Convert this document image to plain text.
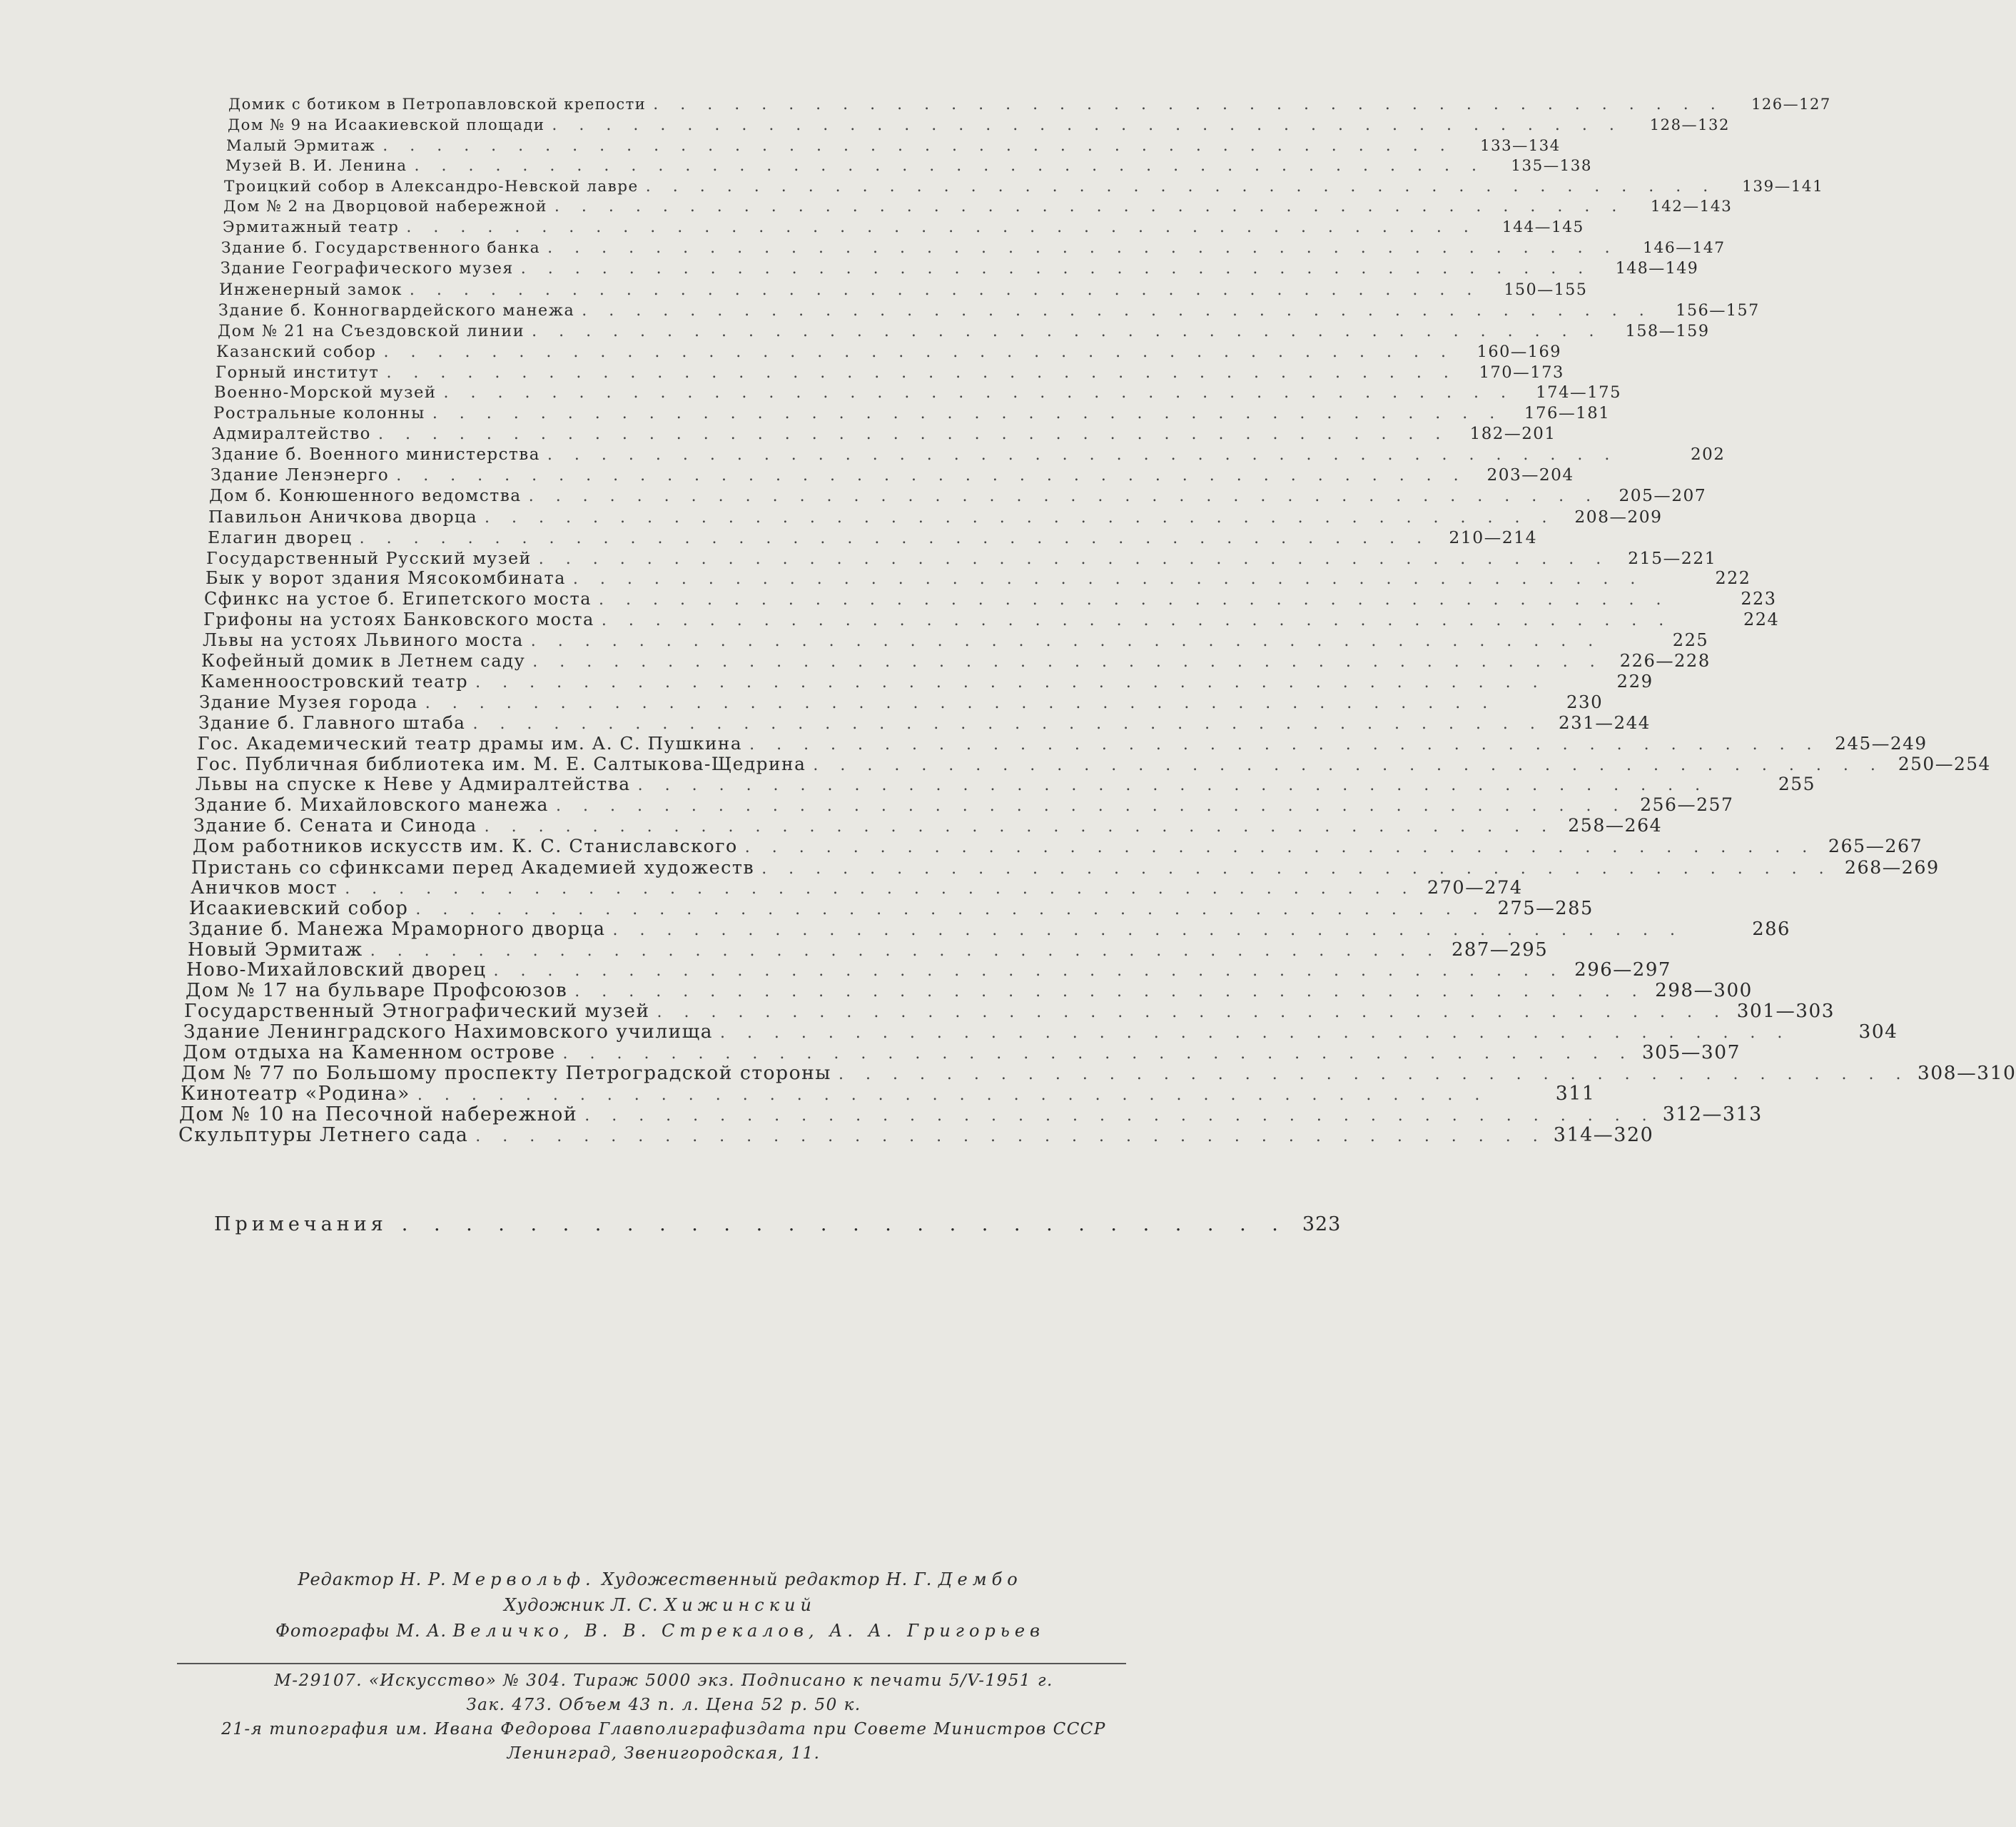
Домик с ботиком в Петропавловской крепости . . . . . . . . . . . . . . . . . . . . . . . . . . . . . . . . . . . . . . . .	126—127
Дом № 9 на Исаакиевской площади . . . . . . . . . . . . . . . . . . . . . . . . . . . . . . . . . . . . . . . .	128—132
Малый Эрмитаж . . . . . . . . . . . . . . . . . . . . . . . . . . . . . . . . . . . . . . . .	133—134
Музей В. И. Ленина . . . . . . . . . . . . . . . . . . . . . . . . . . . . . . . . . . . . . . . .	135—138
Троицкий собор в Александро-Невской лавре . . . . . . . . . . . . . . . . . . . . . . . . . . . . . . . . . . . . . . . .	139—141
Дом № 2 на Дворцовой набережной . . . . . . . . . . . . . . . . . . . . . . . . . . . . . . . . . . . . . . . .	142—143
Эрмитажный театр . . . . . . . . . . . . . . . . . . . . . . . . . . . . . . . . . . . . . . . .	144—145
Здание б. Государственного банка . . . . . . . . . . . . . . . . . . . . . . . . . . . . . . . . . . . . . . . .	146—147
Здание Географического музея . . . . . . . . . . . . . . . . . . . . . . . . . . . . . . . . . . . . . . . .	148—149
Инженерный замок . . . . . . . . . . . . . . . . . . . . . . . . . . . . . . . . . . . . . . . .	150—155
Здание б. Конногвардейского манежа . . . . . . . . . . . . . . . . . . . . . . . . . . . . . . . . . . . . . . . .	156—157
Дом № 21 на Съездовской линии . . . . . . . . . . . . . . . . . . . . . . . . . . . . . . . . . . . . . . . .	158—159
Казанский собор . . . . . . . . . . . . . . . . . . . . . . . . . . . . . . . . . . . . . . . .	160—169
Горный институт . . . . . . . . . . . . . . . . . . . . . . . . . . . . . . . . . . . . . . . .	170—173
Военно-Морской музей . . . . . . . . . . . . . . . . . . . . . . . . . . . . . . . . . . . . . . . .	174—175
Ростральные колонны . . . . . . . . . . . . . . . . . . . . . . . . . . . . . . . . . . . . . . . .	176—181
Адмиралтейство . . . . . . . . . . . . . . . . . . . . . . . . . . . . . . . . . . . . . . . .	182—201
Здание б. Военного министерства . . . . . . . . . . . . . . . . . . . . . . . . . . . . . . . . . . . . . . . .	202
Здание Ленэнерго . . . . . . . . . . . . . . . . . . . . . . . . . . . . . . . . . . . . . . . .	203—204
Дом б. Конюшенного ведомства . . . . . . . . . . . . . . . . . . . . . . . . . . . . . . . . . . . . . . . .	205—207
Павильон Аничкова дворца . . . . . . . . . . . . . . . . . . . . . . . . . . . . . . . . . . . . . . . .	208—209
Елагин дворец . . . . . . . . . . . . . . . . . . . . . . . . . . . . . . . . . . . . . . . .	210—214
Государственный Русский музей . . . . . . . . . . . . . . . . . . . . . . . . . . . . . . . . . . . . . . . .	215—221
Бык у ворот здания Мясокомбината . . . . . . . . . . . . . . . . . . . . . . . . . . . . . . . . . . . . . . . .	222
Сфинкс на устое б. Египетского моста . . . . . . . . . . . . . . . . . . . . . . . . . . . . . . . . . . . . . . . .	223
Грифоны на устоях Банковского моста . . . . . . . . . . . . . . . . . . . . . . . . . . . . . . . . . . . . . . . .	224
Львы на устоях Львиного моста . . . . . . . . . . . . . . . . . . . . . . . . . . . . . . . . . . . . . . . .	225
Кофейный домик в Летнем саду . . . . . . . . . . . . . . . . . . . . . . . . . . . . . . . . . . . . . . . . 226—228
Каменноостровский театр . . . . . . . . . . . . . . . . . . . . . . . . . . . . . . . . . . . . . . . .	229
Здание Музея города . . . . . . . . . . . . . . . . . . . . . . . . . . . . . . . . . . . . . . . .	230
Здание б. Главного штаба . . . . . . . . . . . . . . . . . . . . . . . . . . . . . . . . . . . . . . . . 231—244
Гос. Академический театр драмы им. А. С. Пушкина . . . . . . . . . . . . . . . . . . . . . . . . . . . . . . . . . . . . . . . . 245—249
Гос. Публичная библиотека им. М. Е. Салтыкова-Щедрина . . . . . . . . . . . . . . . . . . . . . . . . . . . . . . . . . . . . . . . . 250—254
Львы на спуске к Неве у Адмиралтейства . . . . . . . . . . . . . . . . . . . . . . . . . . . . . . . . . . . . . . . .	255
Здание б. Михайловского манежа . . . . . . . . . . . . . . . . . . . . . . . . . . . . . . . . . . . . . . . . 256—257
Здание б. Сената и Синода . . . . . . . . . . . . . . . . . . . . . . . . . . . . . . . . . . . . . . . . 258—264
Дом работников искусств им. К. С. Станиславского . . . . . . . . . . . . . . . . . . . . . . . . . . . . . . . . . . . . . . . . 265—267
Пристань со сфинксами перед Академией художеств . . . . . . . . . . . . . . . . . . . . . . . . . . . . . . . . . . . . . . . . 268—269
Аничков мост . . . . . . . . . . . . . . . . . . . . . . . . . . . . . . . . . . . . . . . . 270—274
Исаакиевский собор . . . . . . . . . . . . . . . . . . . . . . . . . . . . . . . . . . . . . . . . 275—285
Здание б. Манежа Мраморного дворца . . . . . . . . . . . . . . . . . . . . . . . . . . . . . . . . . . . . . . . .	286
Новый Эрмитаж . . . . . . . . . . . . . . . . . . . . . . . . . . . . . . . . . . . . . . . . 287—295
Ново-Михайловский дворец . . . . . . . . . . . . . . . . . . . . . . . . . . . . . . . . . . . . . . . . 296—297
Дом № 17 на бульваре Профсоюзов . . . . . . . . . . . . . . . . . . . . . . . . . . . . . . . . . . . . . . . . 298—300
Государственный Этнографический музей . . . . . . . . . . . . . . . . . . . . . . . . . . . . . . . . . . . . . . . . 301—303
Здание Ленинградского Нахимовского училища . . . . . . . . . . . . . . . . . . . . . . . . . . . . . . . . . . . . . . . .	304
Дом отдыха на Каменном острове . . . . . . . . . . . . . . . . . . . . . . . . . . . . . . . . . . . . . . . . 305—307
Дом № 77 по Большому проспекту Петроградской стороны . . . . . . . . . . . . . . . . . . . . . . . . . . . . . . . . . . . . . . . . 308—310
Кинотеатр «Родина» . . . . . . . . . . . . . . . . . . . . . . . . . . . . . . . . . . . . . . . .	311
Дом № 10 на Песочной набережной . . . . . . . . . . . . . . . . . . . . . . . . . . . . . . . . . . . . . . . . 312—313
Скульптуры Летнего сада . . . . . . . . . . . . . . . . . . . . . . . . . . . . . . . . . . . . . . . . 314—320
Примечания . . . . . . . . . . . . . . . . . . . . . . . . . . . . 323
Редактор Н. Р. Мервольф. Художественный редактор Н. Г. Дембо
Художник Л. С. Хижинский
Фотографы М. А. Величко, В. В. Стрекалов, А. А. Григорьев
М-29107. «Искусство» № 304. Тираж 5000 экз. Подписано к печати 5/V-1951 г.
Зак. 473. Объем 43 п. л. Цена 52 р. 50 к.
21-я типография им. Ивана Федорова Главполиграфиздата при Совете Министров СССР
Ленинград, Звенигородская, 11.
